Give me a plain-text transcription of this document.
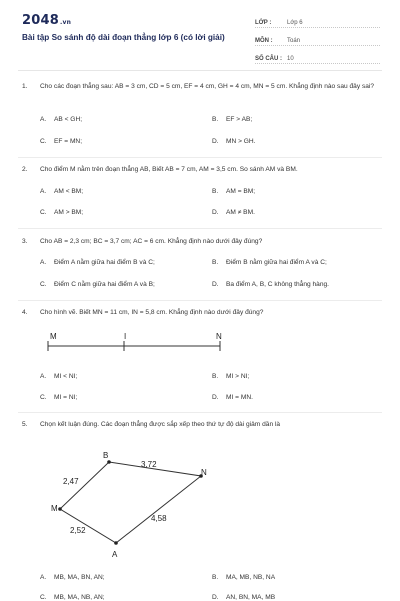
2048.vn
Bài tập So sánh độ dài đoạn thẳng lớp 6 (có lời giải)
LỚP :	Lớp 6
MÔN :	Toán
SỐ CÂU : 10
1. Cho các đoạn thẳng sau: AB = 3 cm, CD = 5 cm, EF = 4 cm, GH = 4 cm, MN = 5 cm. Khẳng định nào sau đây sai?
A. AB < GH;	B. EF > AB;
C. EF = MN;	D. MN > GH.
2. Cho điểm M nằm trên đoạn thẳng AB, Biết AB = 7 cm, AM = 3,5 cm. So sánh AM và BM.
A. AM < BM;	B. AM = BM;
C. AM > BM;	D. AM ≠ BM.
3. Cho AB = 2,3 cm; BC = 3,7 cm; AC = 6 cm. Khẳng định nào dưới đây đúng?
A. Điểm A nằm giữa hai điểm B và C;	B. Điểm B nằm giữa hai điểm A và C;
C. Điểm C nằm giữa hai điểm A và B;	D. Ba điểm A, B, C không thẳng hàng.
4. Cho hình vẽ. Biết MN = 11 cm, IN = 5,8 cm. Khẳng định nào dưới đây đúng?
M	I	N
A. MI < NI;	B. MI > NI;
C. MI = NI;	D. MI = MN.
5. Chọn kết luận đúng. Các đoạn thẳng được sắp xếp theo thứ tự độ dài giảm dần là
B
N
M
A
3,72
2,47
4,58
2,52
A. MB, MA, BN, AN;	B. MA, MB, NB, NA
C. MB, MA, NB, AN;	D. AN, BN, MA, MB
